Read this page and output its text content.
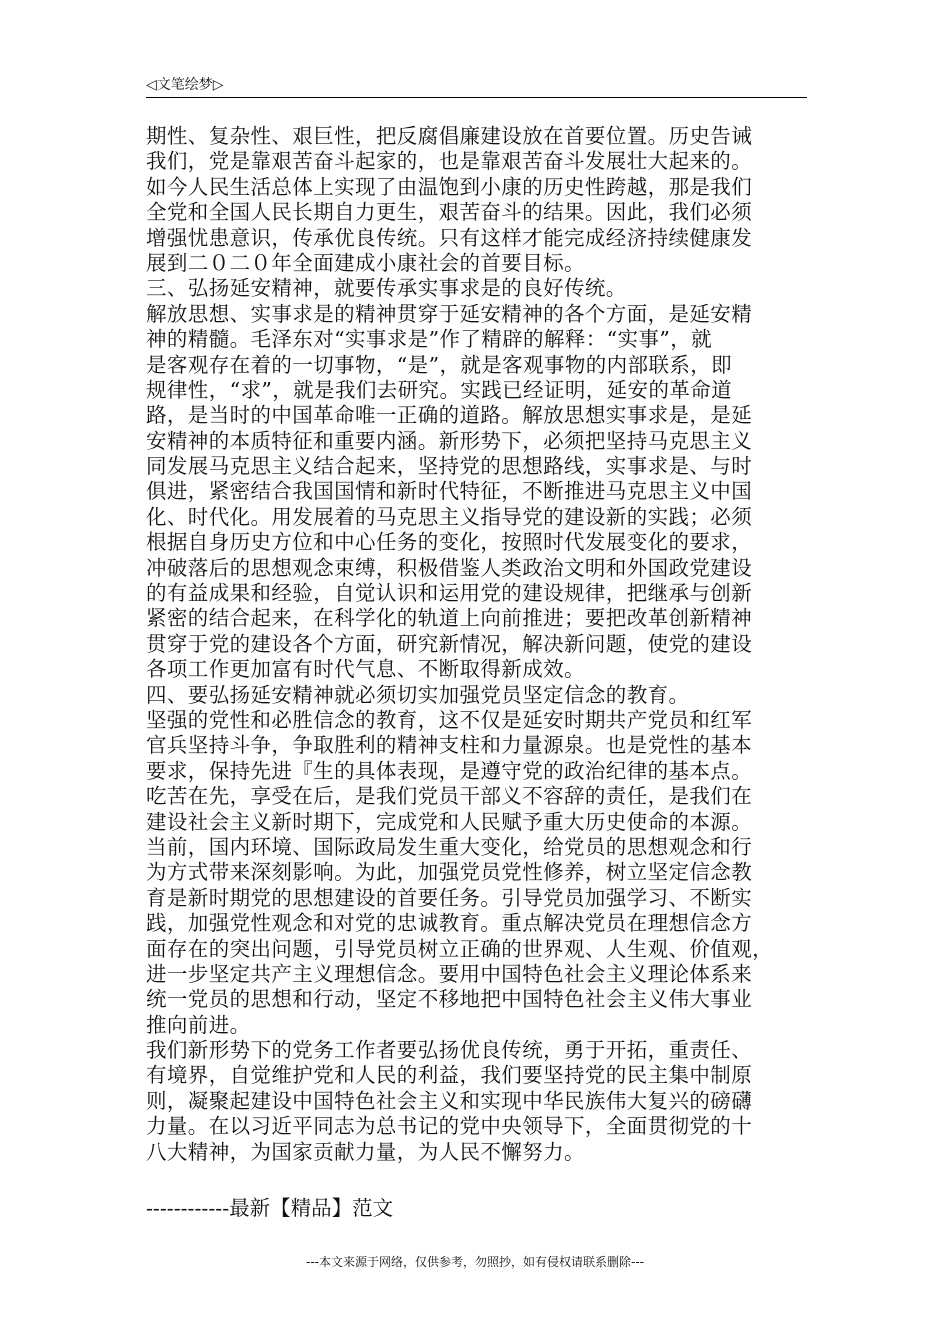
◁文笔绘梦▷
期性、复杂性、艰巨性，把反腐倡廉建设放在首要位置。历史告诫
我们，党是靠艰苦奋斗起家的，也是靠艰苦奋斗发展壮大起来的。
如今人民生活总体上实现了由温饱到小康的历史性跨越，那是我们
全党和全国人民长期自力更生，艰苦奋斗的结果。因此，我们必须
增强忧患意识，传承优良传统。只有这样才能完成经济持续健康发
展到二０二０年全面建成小康社会的首要目标。
三、弘扬延安精神，就要传承实事求是的良好传统。
解放思想、实事求是的精神贯穿于延安精神的各个方面，是延安精
神的精髓。毛泽东对“实事求是”作了精辟的解释：“实事”，就
是客观存在着的一切事物，“是”，就是客观事物的内部联系，即
规律性，“求”，就是我们去研究。实践已经证明，延安的革命道
路，是当时的中国革命唯一正确的道路。解放思想实事求是，是延
安精神的本质特征和重要内涵。新形势下，必须把坚持马克思主义
同发展马克思主义结合起来，坚持党的思想路线，实事求是、与时
俱进，紧密结合我国国情和新时代特征，不断推进马克思主义中国
化、时代化。用发展着的马克思主义指导党的建设新的实践；必须
根据自身历史方位和中心任务的变化，按照时代发展变化的要求，
冲破落后的思想观念束缚，积极借鉴人类政治文明和外国政党建设
的有益成果和经验，自觉认识和运用党的建设规律，把继承与创新
紧密的结合起来，在科学化的轨道上向前推进；要把改革创新精神
贯穿于党的建设各个方面，研究新情况，解决新问题，使党的建设
各项工作更加富有时代气息、不断取得新成效。
四、要弘扬延安精神就必须切实加强党员坚定信念的教育。
坚强的党性和必胜信念的教育，这不仅是延安时期共产党员和红军
官兵坚持斗争，争取胜利的精神支柱和力量源泉。也是党性的基本
要求，保持先进『生的具体表现，是遵守党的政治纪律的基本点。
吃苦在先，享受在后，是我们党员干部义不容辞的责任，是我们在
建设社会主义新时期下，完成党和人民赋予重大历史使命的本源。
当前，国内环境、国际政局发生重大变化，给党员的思想观念和行
为方式带来深刻影响。为此，加强党员党性修养，树立坚定信念教
育是新时期党的思想建设的首要任务。引导党员加强学习、不断实
践，加强党性观念和对党的忠诚教育。重点解决党员在理想信念方
面存在的突出问题，引导党员树立正确的世界观、人生观、价值观，
进一步坚定共产主义理想信念。要用中国特色社会主义理论体系来
统一党员的思想和行动，坚定不移地把中国特色社会主义伟大事业
推向前进。
我们新形势下的党务工作者要弘扬优良传统，勇于开拓，重责任、
有境界，自觉维护党和人民的利益，我们要坚持党的民主集中制原
则，凝聚起建设中国特色社会主义和实现中华民族伟大复兴的磅礴
力量。在以习近平同志为总书记的党中央领导下，全面贯彻党的十
八大精神，为国家贡献力量，为人民不懈努力。
------------最新【精品】范文
---本文来源于网络，仅供参考，勿照抄，如有侵权请联系删除---
